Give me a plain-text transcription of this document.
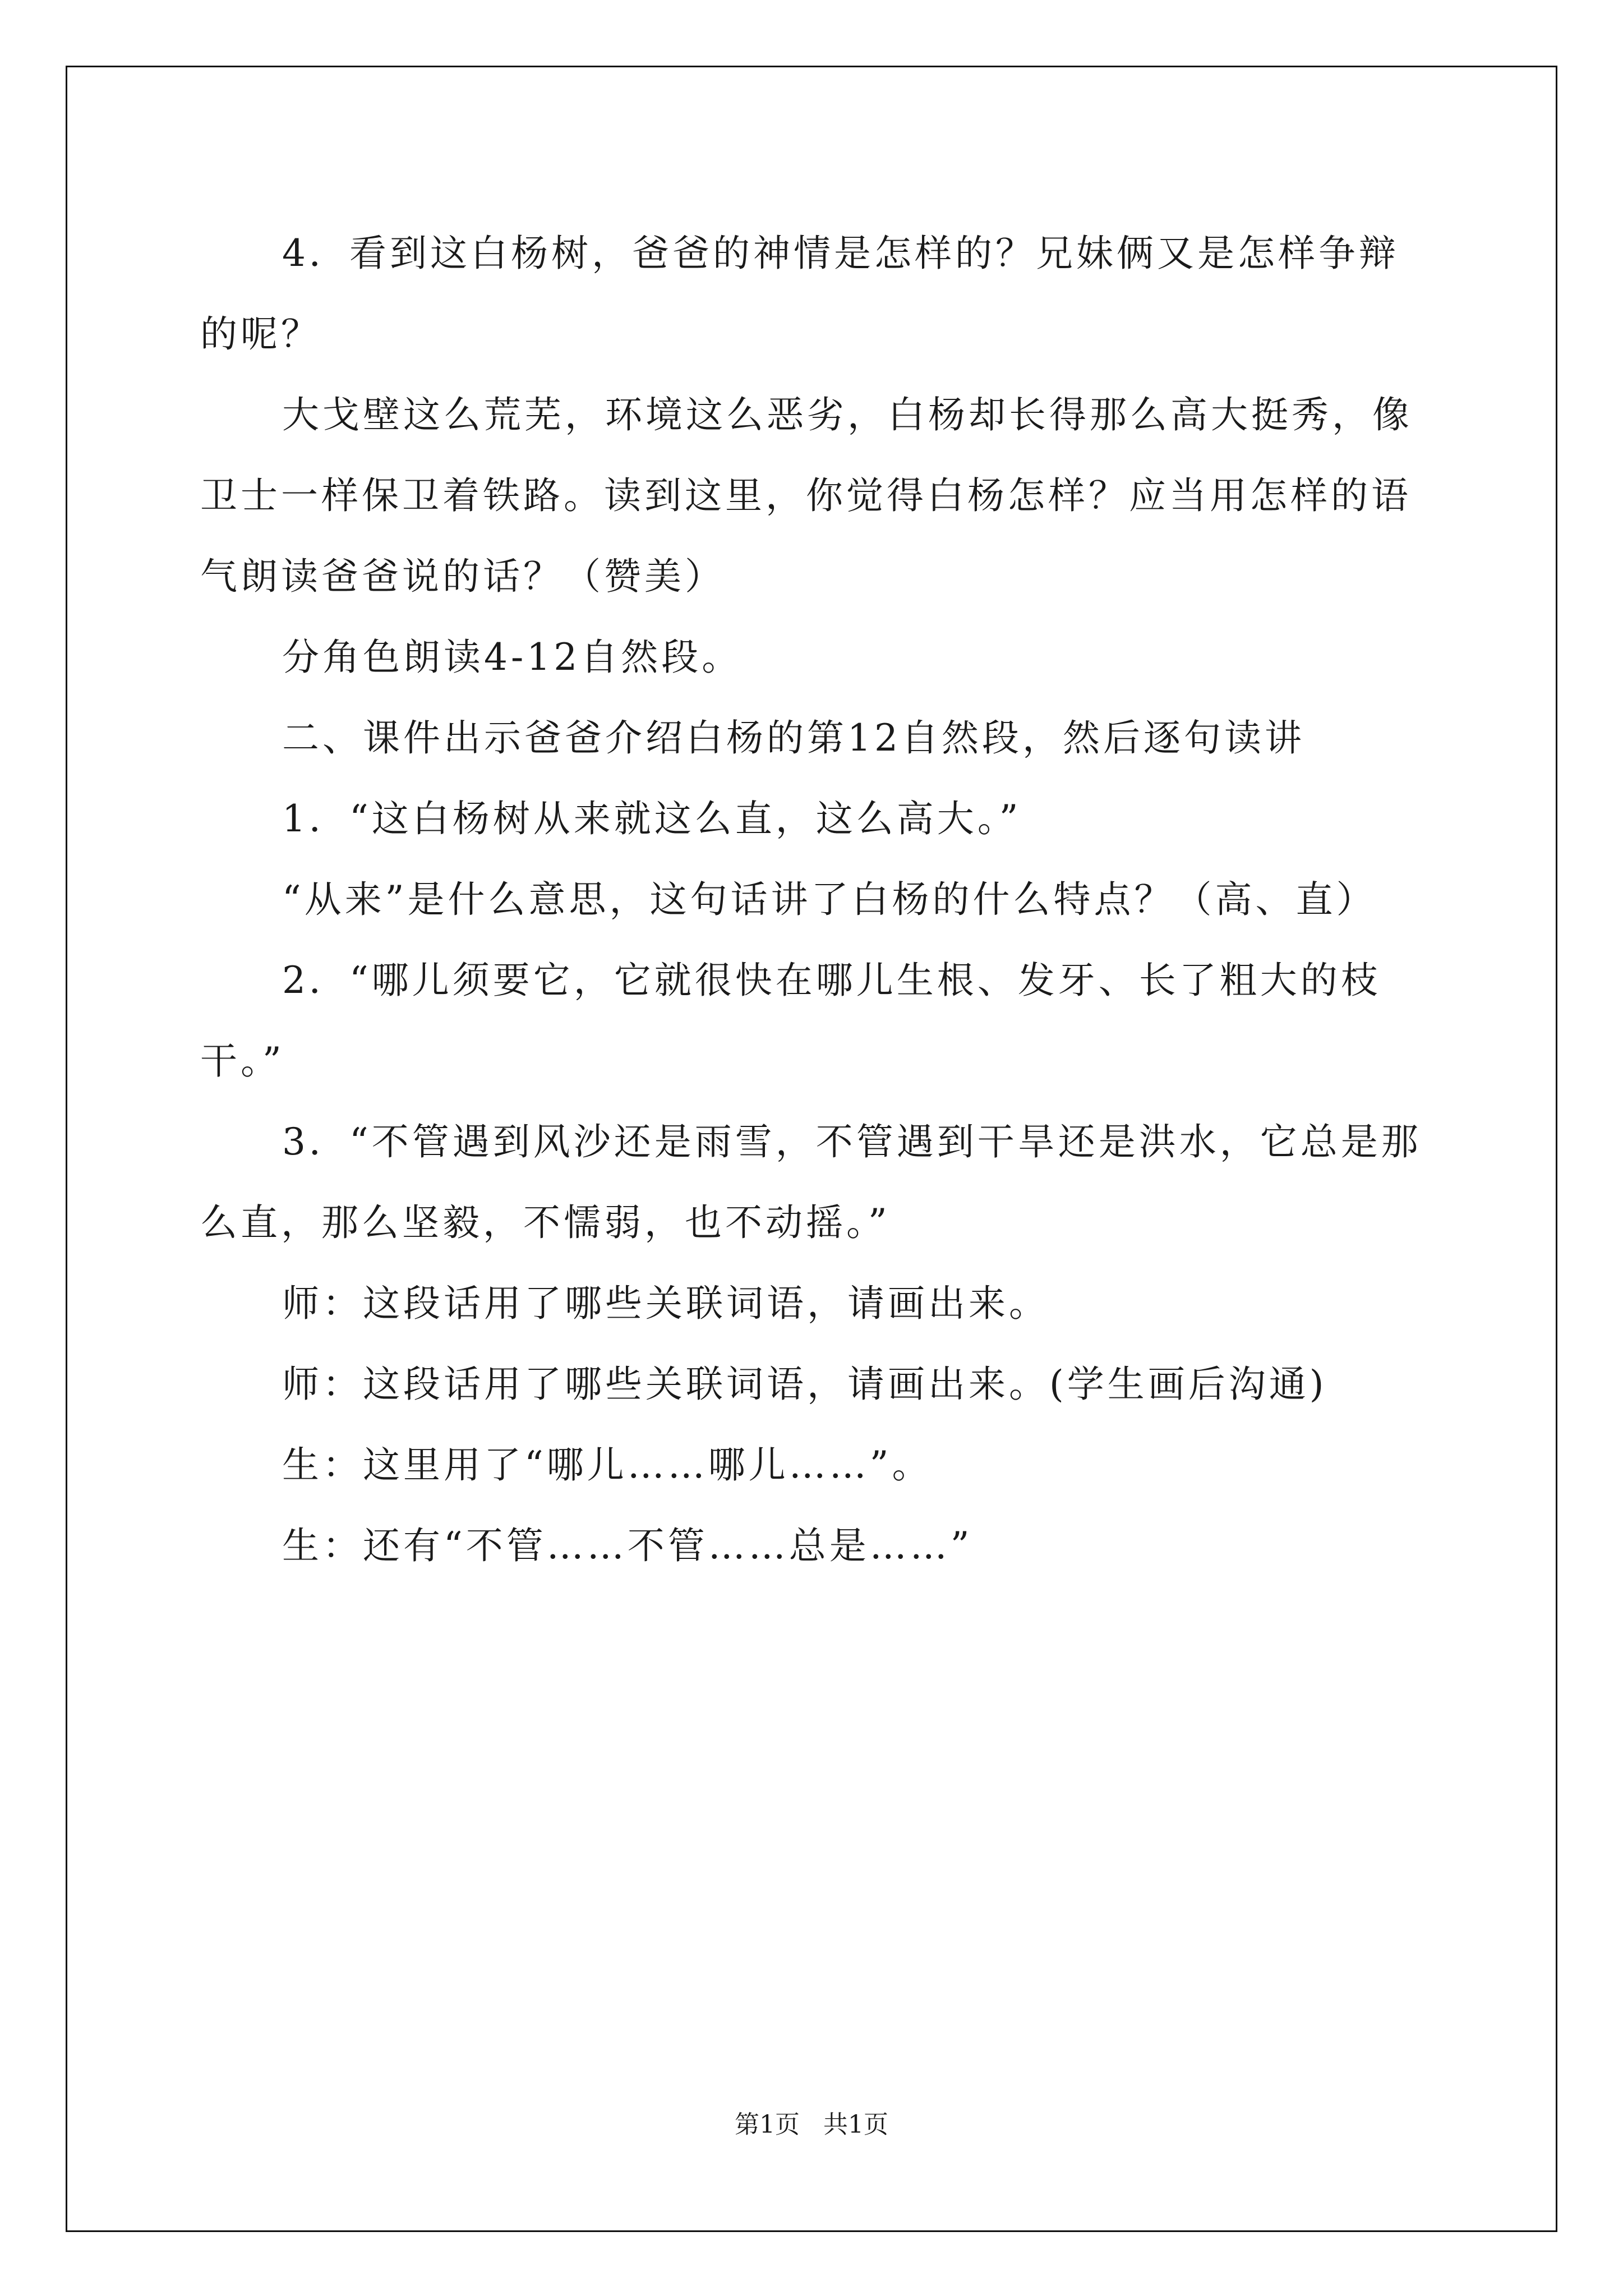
4．看到这白杨树，爸爸的神情是怎样的？兄妹俩又是怎样争辩的呢？

大戈壁这么荒芜，环境这么恶劣，白杨却长得那么高大挺秀，像卫士一样保卫着铁路。读到这里，你觉得白杨怎样？应当用怎样的语气朗读爸爸说的话？（赞美）

分角色朗读4-12自然段。

二、课件出示爸爸介绍白杨的第12自然段，然后逐句读讲

1．“这白杨树从来就这么直，这么高大。”

“从来”是什么意思，这句话讲了白杨的什么特点？（高、直）

2．“哪儿须要它，它就很快在哪儿生根、发牙、长了粗大的枝干。”

3．“不管遇到风沙还是雨雪，不管遇到干旱还是洪水，它总是那么直，那么坚毅，不懦弱，也不动摇。”

师：这段话用了哪些关联词语，请画出来。

师：这段话用了哪些关联词语，请画出来。(学生画后沟通)

生：这里用了“哪儿……哪儿……”。

生：还有“不管……不管……总是……”

第1页 共1页
